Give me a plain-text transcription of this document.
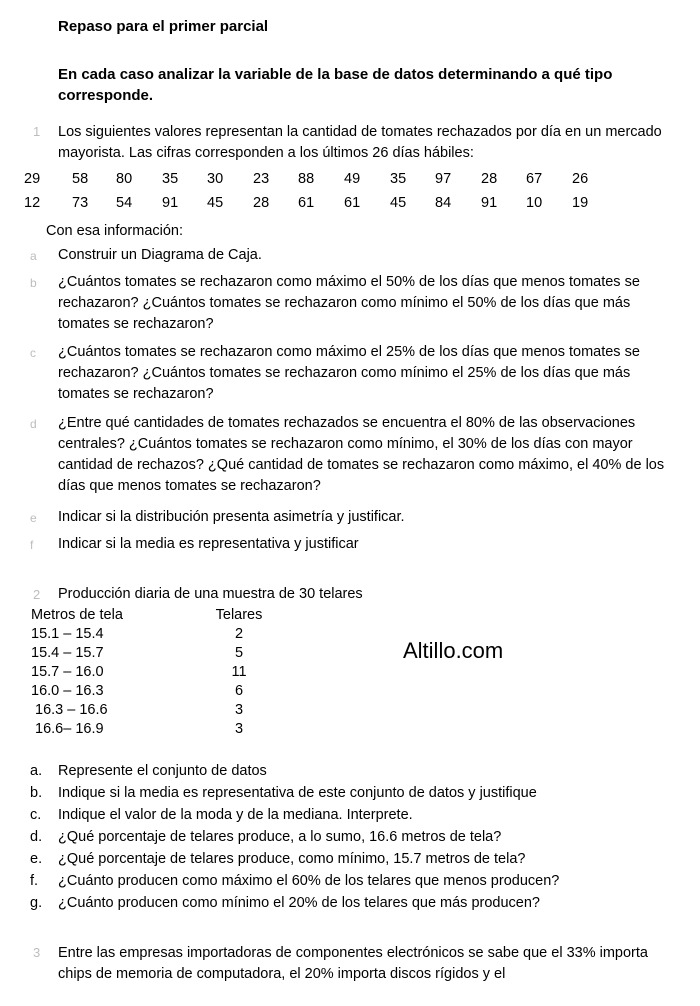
Repaso para el primer parcial
En cada caso analizar la variable de la base de datos determinando a qué tipo corresponde.
1 Los siguientes valores representan la cantidad de tomates rechazados por día en un mercado mayorista. Las cifras corresponden a los últimos 26 días hábiles:
29 58 80 35 30 23 88 49 35 97 28 67 26
12 73 54 91 45 28 61 61 45 84 91 10 19
Con esa información:
a Construir un Diagrama de Caja.
b ¿Cuántos tomates se rechazaron como máximo el 50% de los días que menos tomates se rechazaron? ¿Cuántos tomates se rechazaron como mínimo el 50% de los días que más tomates se rechazaron?
c ¿Cuántos tomates se rechazaron como máximo el 25% de los días que menos tomates se rechazaron? ¿Cuántos tomates se rechazaron como mínimo el 25% de los días que más tomates se rechazaron?
d ¿Entre qué cantidades de tomates rechazados se encuentra el 80% de las observaciones centrales? ¿Cuántos tomates se rechazaron como mínimo, el 30% de los días con mayor cantidad de rechazos? ¿Qué cantidad de tomates se rechazaron como máximo, el 40% de los días que menos tomates se rechazaron?
e Indicar si la distribución presenta asimetría y justificar.
f Indicar si la media es representativa y justificar
2 Producción diaria de una muestra de 30 telares
Metros de tela	Telares
15.1 – 15.4	2
15.4 – 15.7	5
15.7 – 16.0	11
16.0 – 16.3	6
16.3 – 16.6	3
16.6– 16.9	3
Altillo.com
a. Represente el conjunto de datos
b. Indique si la media es representativa de este conjunto de datos y justifique
c. Indique el valor de la moda y de la mediana. Interprete.
d. ¿Qué porcentaje de telares produce, a lo sumo, 16.6 metros de tela?
e. ¿Qué porcentaje de telares produce, como mínimo, 15.7 metros de tela?
f. ¿Cuánto producen como máximo el 60% de los telares que menos producen?
g. ¿Cuánto producen como mínimo el 20% de los telares que más producen?
3 Entre las empresas importadoras de componentes electrónicos se sabe que el 33% importa chips de memoria de computadora, el 20% importa discos rígidos y el
